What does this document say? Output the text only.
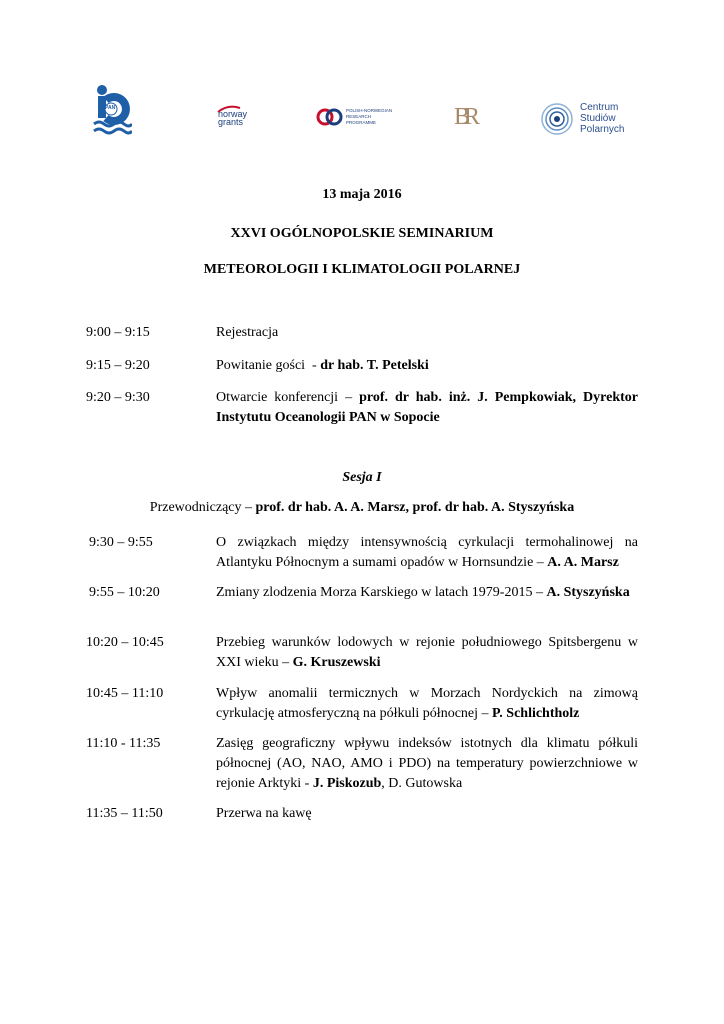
PAN
norway
grants
POLISH-NORWEGIAN
RESEARCH
PROGRAMME	BR	Centrum
Studiów
Polarnych
13 maja 2016
XXVI OGÓLNOPOLSKIE SEMINARIUM
METEOROLOGII I KLIMATOLOGII POLARNEJ
9:00 – 9:15	Rejestracja
9:15 – 9:20	Powitanie gości  - dr hab. T. Petelski
9:20 – 9:30	Otwarcie konferencji – prof. dr hab. inż. J. Pempkowiak, Dyrektor Instytutu Oceanologii PAN w Sopocie
Sesja I
Przewodniczący – prof. dr hab. A. A. Marsz, prof. dr hab. A. Styszyńska
9:30 – 9:55	O związkach między intensywnością cyrkulacji termohalinowej na Atlantyku Północnym a sumami opadów w Hornsundzie – A. A. Marsz
9:55 – 10:20	Zmiany zlodzenia Morza Karskiego w latach 1979-2015 – A. Styszyńska
10:20 – 10:45	Przebieg warunków lodowych w rejonie południowego Spitsbergenu w XXI wieku – G. Kruszewski
10:45 – 11:10	Wpływ anomalii termicznych w Morzach Nordyckich na zimową cyrkulację atmosferyczną na półkuli północnej – P. Schlichtholz
11:10 - 11:35	Zasięg geograficzny wpływu indeksów istotnych dla klimatu półkuli północnej (AO, NAO, AMO i PDO) na temperatury powierzchniowe w rejonie Arktyki - J. Piskozub, D. Gutowska
11:35 – 11:50	Przerwa na kawę
